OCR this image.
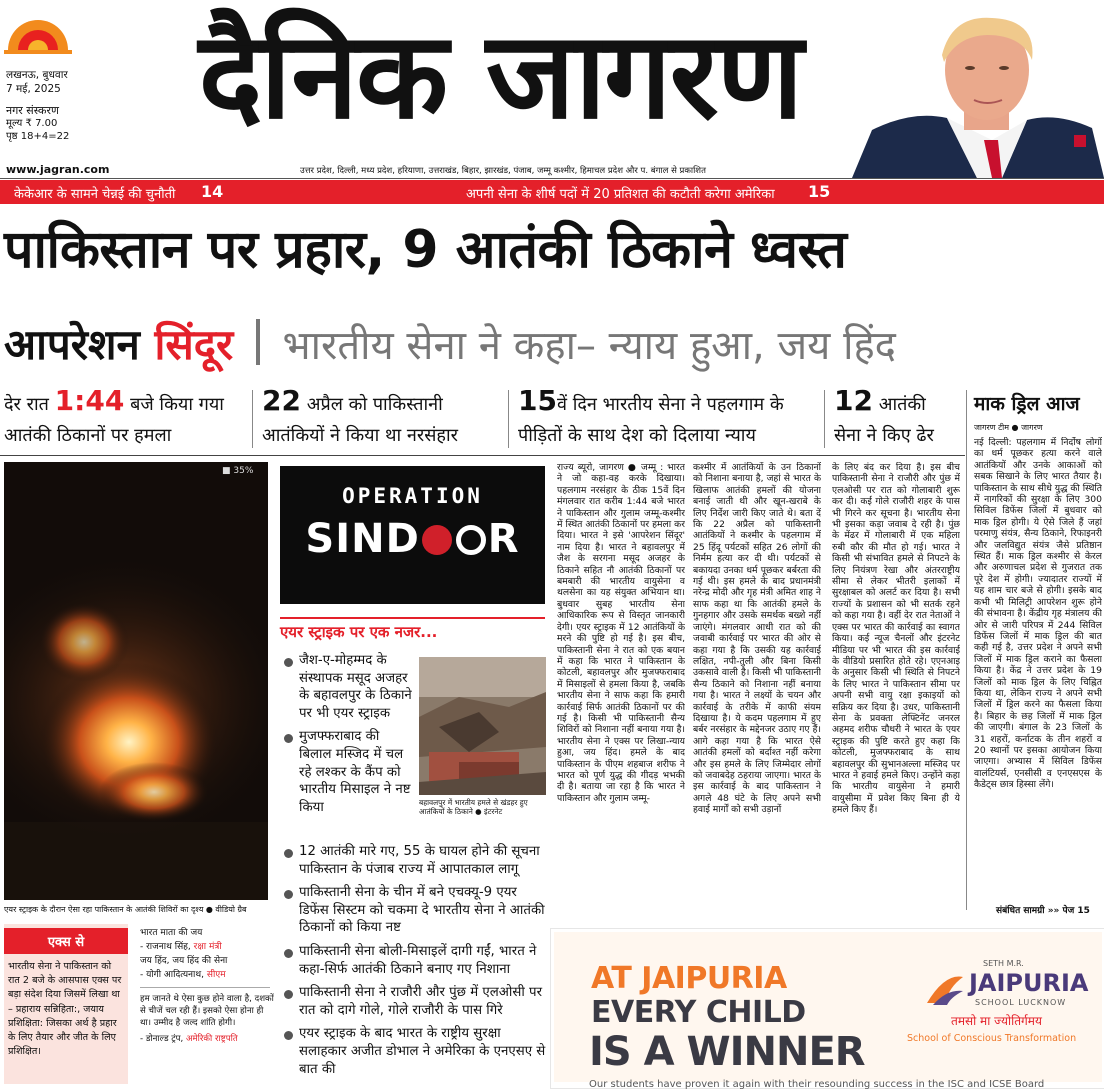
लखनऊ, बुधवार
7 मई, 2025
नगर संस्करण
मूल्य ₹ 7.00
पृष्ठ 18+4=22
www.jagran.com
दैनिक जागरण
उत्तर प्रदेश, दिल्ली, मध्य प्रदेश, हरियाणा, उत्तराखंड, बिहार, झारखंड, पंजाब, जम्मू कश्मीर, हिमाचल प्रदेश और प. बंगाल से प्रकाशित
केकेआर के सामने चेन्नई की चुनौती 14	अपनी सेना के शीर्ष पदों में 20 प्रतिशत की कटौती करेगा अमेरिका 15
पाकिस्तान पर प्रहार, 9 आतंकी ठिकाने ध्वस्त
आपरेशन सिंदूर भारतीय सेना ने कहा– न्याय हुआ, जय हिंद
देर रात 1:44 बजे किया गया
आतंकी ठिकानों पर हमला
22 अप्रैल को पाकिस्तानी
आतंकियों ने किया था नरसंहार
15वें दिन भारतीय सेना ने पहलगाम के
पीड़ितों के साथ देश को दिलाया न्याय
12 आतंकी
सेना ने किए ढेर
■ 35%
एयर स्ट्राइक के दौरान ऐसा रहा पाकिस्तान के आतंकी शिविरों का दृश्य ● वीडियो ग्रैब
OPERATION
SIND R
एयर स्ट्राइक पर एक नजर...
जैश-ए-मोहम्मद के संस्थापक मसूद अजहर के बहावलपुर के ठिकाने पर भी एयर स्ट्राइक
मुजफ्फराबाद की बिलाल मस्जिद में चल रहे लश्कर के कैंप को भारतीय मिसाइल ने नष्ट किया	बहावलपुर में भारतीय हमले से खंडहर हुए आतंकियों के ठिकाने ● इंटरनेट
12 आतंकी मारे गए, 55 के घायल होने की सूचना पाकिस्तान के पंजाब राज्य में आपातकाल लागू
पाकिस्तानी सेना के चीन में बने एचक्यू-9 एयर डिफेंस सिस्टम को चकमा दे भारतीय सेना ने आतंकी ठिकानों को किया नष्ट
पाकिस्तानी सेना बोली-मिसाइलें दागी गईं, भारत ने कहा-सिर्फ आतंकी ठिकाने बनाए गए निशाना
पाकिस्तानी सेना ने राजौरी और पुंछ में एलओसी पर रात को दागे गोले, गोले राजौरी के पास गिरे
एयर स्ट्राइक के बाद भारत के राष्ट्रीय सुरक्षा सलाहकार अजीत डोभाल ने अमेरिका के एनएसए से बात की
एक्स से
भारतीय सेना ने पाकिस्तान को रात 2 बजे के आसपास एक्स पर बड़ा संदेश दिया जिसमें लिखा था – प्रहाराय सन्निहिता:, जयाय प्रशिक्षिता: जिसका अर्थ है प्रहार के लिए तैयार और जीत के लिए प्रशिक्षित।
भारत माता की जय
- राजनाथ सिंह, रक्षा मंत्री
जय हिंद, जय हिंद की सेना
- योगी आदित्यनाथ, सीएम
हम जानते थे ऐसा कुछ होने वाला है, दशकों से चीजें चल रही हैं। इसको ऐसा होना ही था। उम्मीद है जल्द शांति होगी।
- डोनाल्ड ट्रंप, अमेरिकी राष्ट्रपति
राज्य ब्यूरो, जागरण ● जम्मू : भारत ने जो कहा-वह करके दिखाया। पहलगाम नरसंहार के ठीक 15वें दिन मंगलवार रात करीब 1:44 बजे भारत ने पाकिस्तान और गुलाम जम्मू-कश्मीर में स्थित आतंकी ठिकानों पर हमला कर दिया। भारत ने इसे 'आपरेशन सिंदूर' नाम दिया है। भारत ने बहावलपुर में जैश के सरगना मसूद अजहर के ठिकाने सहित नौ आतंकी ठिकानों पर बमबारी की भारतीय वायुसेना व थलसेना का यह संयुक्त अभियान था। बुधवार सुबह भारतीय सेना आधिकारिक रूप से विस्तृत जानकारी देगी। एयर स्ट्राइक में 12 आतंकियों के मरने की पुष्टि हो गई है। इस बीच, पाकिस्तानी सेना ने रात को एक बयान में कहा कि भारत ने पाकिस्तान के कोटली, बहावलपुर और मुजफ्फराबाद में मिसाइलों से हमला किया है, जबकि भारतीय सेना ने साफ कहा कि हमारी कार्रवाई सिर्फ आतंकी ठिकानों पर की गई है। किसी भी पाकिस्तानी सैन्य शिविरों को निशाना नहीं बनाया गया है। भारतीय सेना ने एक्स पर लिखा-न्याय हुआ, जय हिंद। हमले के बाद पाकिस्तान के पीएम शहबाज शरीफ ने भारत को पूर्ण युद्ध की गीदड़ भभकी दी है। बताया जा रहा है कि भारत ने पाकिस्तान और गुलाम जम्मू-
कश्मीर में आतंकियों के उन ठिकानों को निशाना बनाया है, जहां से भारत के खिलाफ आतंकी हमलों की योजना बनाई जाती थी और खून-खराबे के लिए निर्देश जारी किए जाते थे। बता दें कि 22 अप्रैल को पाकिस्तानी आतंकियों ने कश्मीर के पहलगाम में 25 हिंदू पर्यटकों सहित 26 लोगों की निर्मम हत्या कर दी थी। पर्यटकों से बकायदा उनका धर्म पूछकर बर्बरता की गई थी। इस हमले के बाद प्रधानमंत्री नरेन्द्र मोदी और गृह मंत्री अमित शाह ने साफ कहा था कि आतंकी हमले के गुनहगार और उसके समर्थक बख्शे नहीं जाएंगे। मंगलवार आधी रात को की जवाबी कार्रवाई पर भारत की ओर से कहा गया है कि उसकी यह कार्रवाई लक्षित, नपी-तुली और बिना किसी उकसावे वाली है। किसी भी पाकिस्तानी सैन्य ठिकाने को निशाना नहीं बनाया गया है। भारत ने लक्ष्यों के चयन और कार्रवाई के तरीके में काफी संयम दिखाया है। ये कदम पहलगाम में हुए बर्बर नरसंहार के मद्देनजर उठाए गए हैं। आगे कहा गया है कि भारत ऐसे आतंकी हमलों को बर्दाश्त नहीं करेगा और इस हमले के लिए जिम्मेदार लोगों को जवाबदेह ठहराया जाएगा। भारत के इस कार्रवाई के बाद पाकिस्तान ने अगले 48 घंटे के लिए अपने सभी हवाई मार्गों को सभी उड़ानों
के लिए बंद कर दिया है। इस बीच पाकिस्तानी सेना ने राजौरी और पुंछ में एलओसी पर रात को गोलाबारी शुरू कर दी। कई गोले राजौरी शहर के पास भी गिरने कर सूचना है। भारतीय सेना भी इसका कड़ा जवाब दे रही है। पुंछ के मेंढर में गोलाबारी में एक महिला रुबी कौर की मौत हो गई। भारत ने किसी भी संभावित हमले से निपटने के लिए नियंत्रण रेखा और अंतरराष्ट्रीय सीमा से लेकर भीतरी इलाकों में सुरक्षाबल को अलर्ट कर दिया है। सभी राज्यों के प्रशासन को भी सतर्क रहने को कहा गया है। वहीं देर रात नेताओं ने एक्स पर भारत की कार्रवाई का स्वागत किया। कई न्यूज चैनलों और इंटरनेट मीडिया पर भी भारत की इस कार्रवाई के वीडियो प्रसारित होते रहे। एएनआइ के अनुसार किसी भी स्थिति से निपटने के लिए भारत ने पाकिस्तान सीमा पर अपनी सभी वायु रक्षा इकाइयों को सक्रिय कर दिया है। उधर, पाकिस्तानी सेना के प्रवक्ता लेफ्टिनेंट जनरल अहमद शरीफ चौधरी ने भारत के एयर स्ट्राइक की पुष्टि करते हुए कहा कि कोटली, मुजफ्फराबाद के साथ बहावलपुर की सुभानअल्ला मस्जिद पर भारत ने हवाई हमले किए। उन्होंने कहा कि भारतीय वायुसेना ने हमारी वायुसीमा में प्रवेश किए बिना ही ये हमले किए हैं।
माक ड्रिल आज
जागरण टीम ● जागरण
नई दिल्ली: पहलगाम में निर्दोष लोगों का धर्म पूछकर हत्या करने वाले आतंकियों और उनके आकाओं को सबक सिखाने के लिए भारत तैयार है। पाकिस्तान के साथ सीधे युद्ध की स्थिति में नागरिकों की सुरक्षा के लिए 300 सिविल डिफेंस जिलों में बुधवार को माक ड्रिल होगी। ये ऐसे जिले हैं जहां परमाणु संयंत्र, सैन्य ठिकाने, रिफाइनरी और जलविद्युत संयंत्र जैसे प्रतिष्ठान स्थित हैं। माक ड्रिल कश्मीर से केरल और अरुणाचल प्रदेश से गुजरात तक पूरे देश में होगी। ज्यादातर राज्यों में यह शाम चार बजे से होगी। इसके बाद कभी भी मिलिट्री आपरेशन शुरू होने की संभावना है। केंद्रीय गृह मंत्रालय की ओर से जारी परिपत्र में 244 सिविल डिफेंस जिलों में माक ड्रिल की बात कही गई है, उत्तर प्रदेश ने अपने सभी जिलों में माक ड्रिल कराने का फैसला किया है। केंद्र ने उत्तर प्रदेश के 19 जिलों को माक ड्रिल के लिए चिह्नित किया था, लेकिन राज्य ने अपने सभी जिलों में ड्रिल करने का फैसला किया है। बिहार के छह जिलों में माक ड्रिल की जाएगी। बंगाल के 23 जिलों के 31 शहरों, कर्नाटक के तीन शहरों व 20 स्थानों पर इसका आयोजन किया जाएगा। अभ्यास में सिविल डिफेंस वालंटियर्स, एनसीसी व एनएसएस के कैडेट्स छात्र हिस्सा लेंगे।
संबंधित सामग्री »» पेज 15
AT JAIPURIA
EVERY CHILD
IS A WINNER
SETH M.R.
JAIPURIA
SCHOOL LUCKNOW
तमसो मा ज्योतिर्गमय
School of Conscious Transformation
Our students have proven it again with their resounding success in the ISC and ICSE Board
